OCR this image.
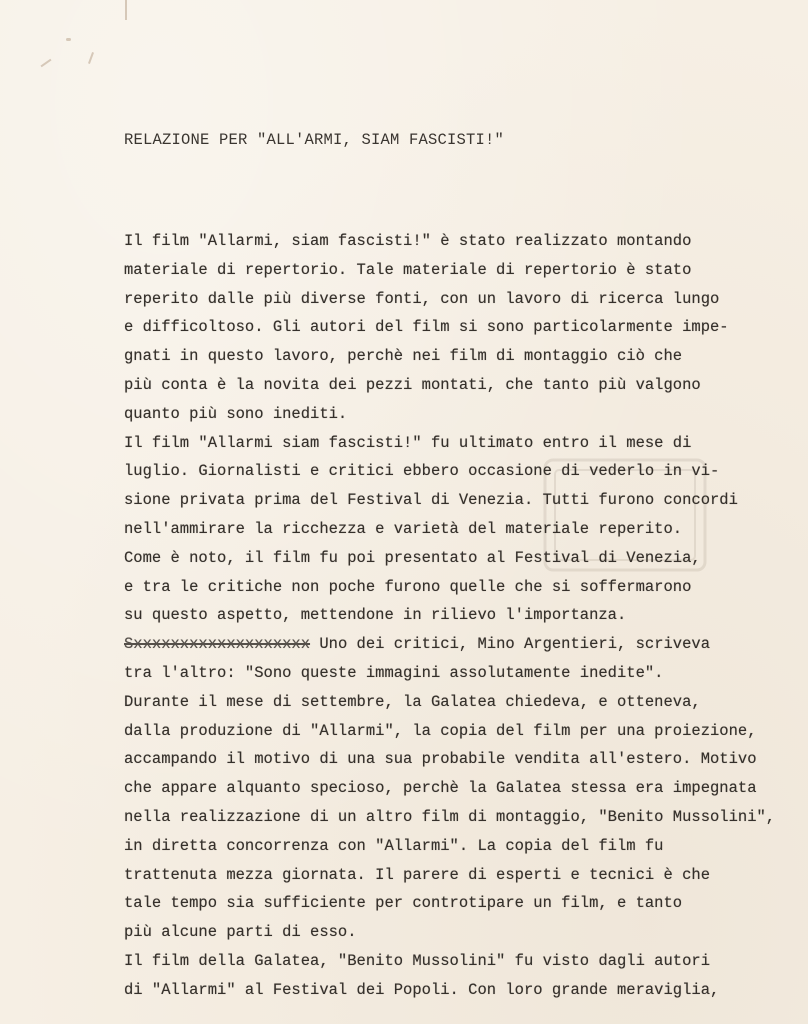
RELAZIONE PER "ALL'ARMI, SIAM FASCISTI!"
Il film "Allarmi, siam fascisti!" è stato realizzato montando
materiale di repertorio. Tale materiale di repertorio è stato
reperito dalle più diverse fonti, con un lavoro di ricerca lungo
e difficoltoso. Gli autori del film si sono particolarmente impe-
gnati in questo lavoro, perchè nei film di montaggio ciò che
più conta è la novita dei pezzi montati, che tanto più valgono
quanto più sono inediti.
Il film "Allarmi siam fascisti!" fu ultimato entro il mese di
luglio. Giornalisti e critici ebbero occasione di vederlo in vi-
sione privata prima del Festival di Venezia. Tutti furono concordi
nell'ammirare la ricchezza e varietà del materiale reperito.
Come è noto, il film fu poi presentato al Festival di Venezia,
e tra le critiche non poche furono quelle che si soffermarono
su questo aspetto, mettendone in rilievo l'importanza.
Sxxxxxxxxxxxxxxxxxxx Uno dei critici, Mino Argentieri, scriveva
tra l'altro: "Sono queste immagini assolutamente inedite".
Durante il mese di settembre, la Galatea chiedeva, e otteneva,
dalla produzione di "Allarmi", la copia del film per una proiezione,
accampando il motivo di una sua probabile vendita all'estero. Motivo
che appare alquanto specioso, perchè la Galatea stessa era impegnata
nella realizzazione di un altro film di montaggio, "Benito Mussolini",
in diretta concorrenza con "Allarmi". La copia del film fu
trattenuta mezza giornata. Il parere di esperti e tecnici è che
tale tempo sia sufficiente per controtipare un film, e tanto
più alcune parti di esso.
Il film della Galatea, "Benito Mussolini" fu visto dagli autori
di "Allarmi" al Festival dei Popoli. Con loro grande meraviglia,
